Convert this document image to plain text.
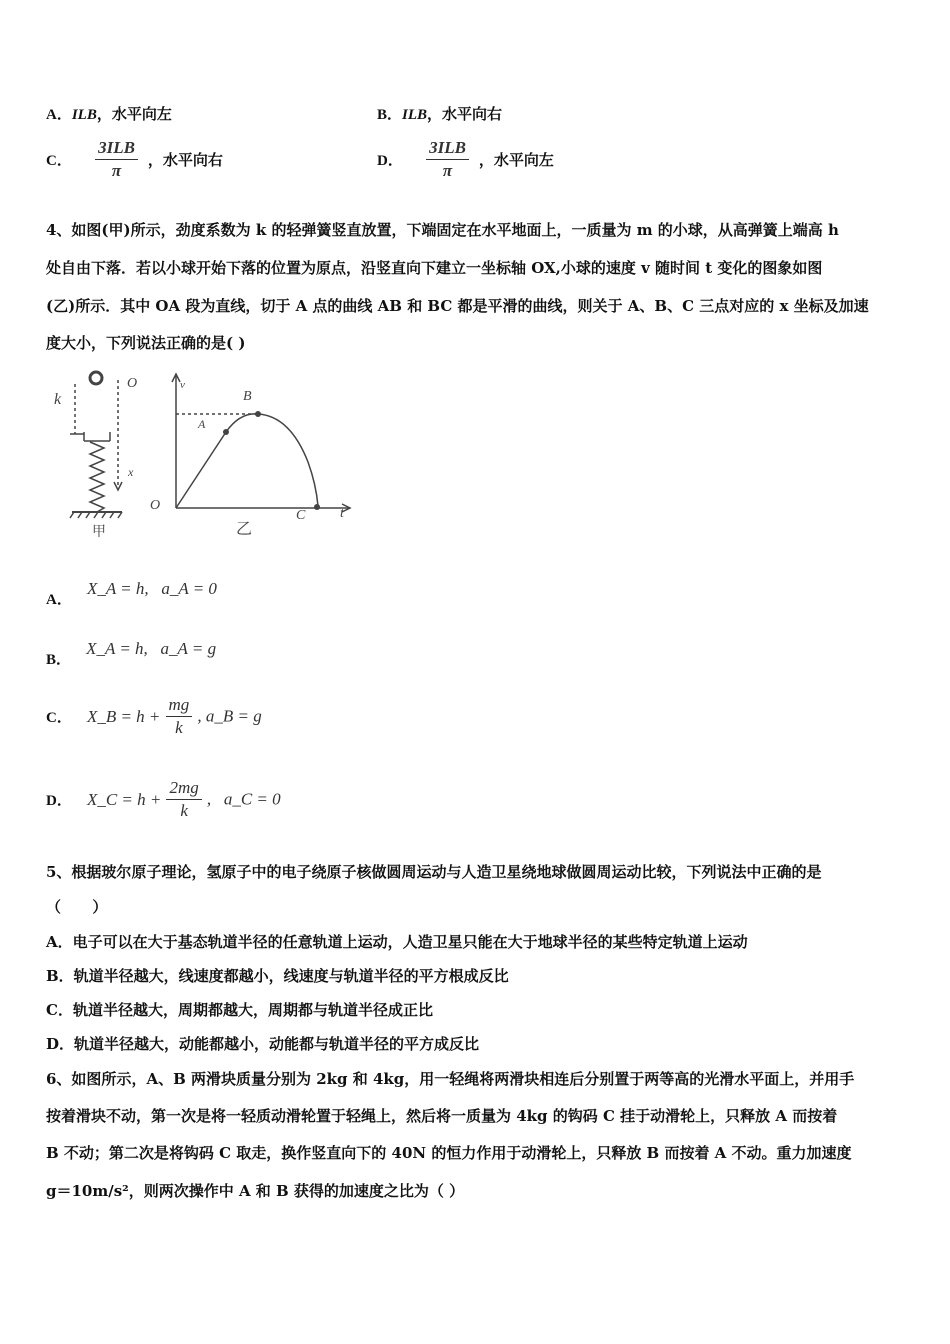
A．ILB，水平向左	B．ILB，水平向右
C． $\frac{\text{3ILB}}{\pi}$ ，水平向右	D． $\frac{\text{3ILB}}{\pi}$ ，水平向左
4、如图(甲)所示，劲度系数为 k 的轻弹簧竖直放置，下端固定在水平地面上，一质量为 m 的小球，从高弹簧上端高 h
处自由下落．若以小球开始下落的位置为原点，沿竖直向下建立一坐标轴 OX,小球的速度 v 随时间 t 变化的图象如图
(乙)所示．其中 OA 段为直线，切于 A 点的曲线 AB 和 BC 都是平滑的曲线，则关于 A、B、C 三点对应的 x 坐标及加速
度大小，下列说法正确的是( )
k
O
x
甲
v
A
B
C
O
t
乙
A． X_A = h,   a_A = 0
B． X_A = h,   a_A = g
C． X_B = $h + \frac{mg}{k}$ , a_B = g
D． X_C = $h + \frac{2mg}{k}$ ,   a_C = 0
5、根据玻尔原子理论，氢原子中的电子绕原子核做圆周运动与人造卫星绕地球做圆周运动比较，下列说法中正确的是
（      ）
A．电子可以在大于基态轨道半径的任意轨道上运动，人造卫星只能在大于地球半径的某些特定轨道上运动
B．轨道半径越大，线速度都越小，线速度与轨道半径的平方根成反比
C．轨道半径越大，周期都越大，周期都与轨道半径成正比
D．轨道半径越大，动能都越小，动能都与轨道半径的平方成反比
6、如图所示，A、B 两滑块质量分别为 2kg 和 4kg，用一轻绳将两滑块相连后分别置于两等高的光滑水平面上，并用手
按着滑块不动，第一次是将一轻质动滑轮置于轻绳上，然后将一质量为 4kg 的钩码 C 挂于动滑轮上，只释放 A 而按着
B 不动；第二次是将钩码 C 取走，换作竖直向下的 40N 的恒力作用于动滑轮上，只释放 B 而按着 A 不动。重力加速度
g＝10m/s²，则两次操作中 A 和 B 获得的加速度之比为（ ）
